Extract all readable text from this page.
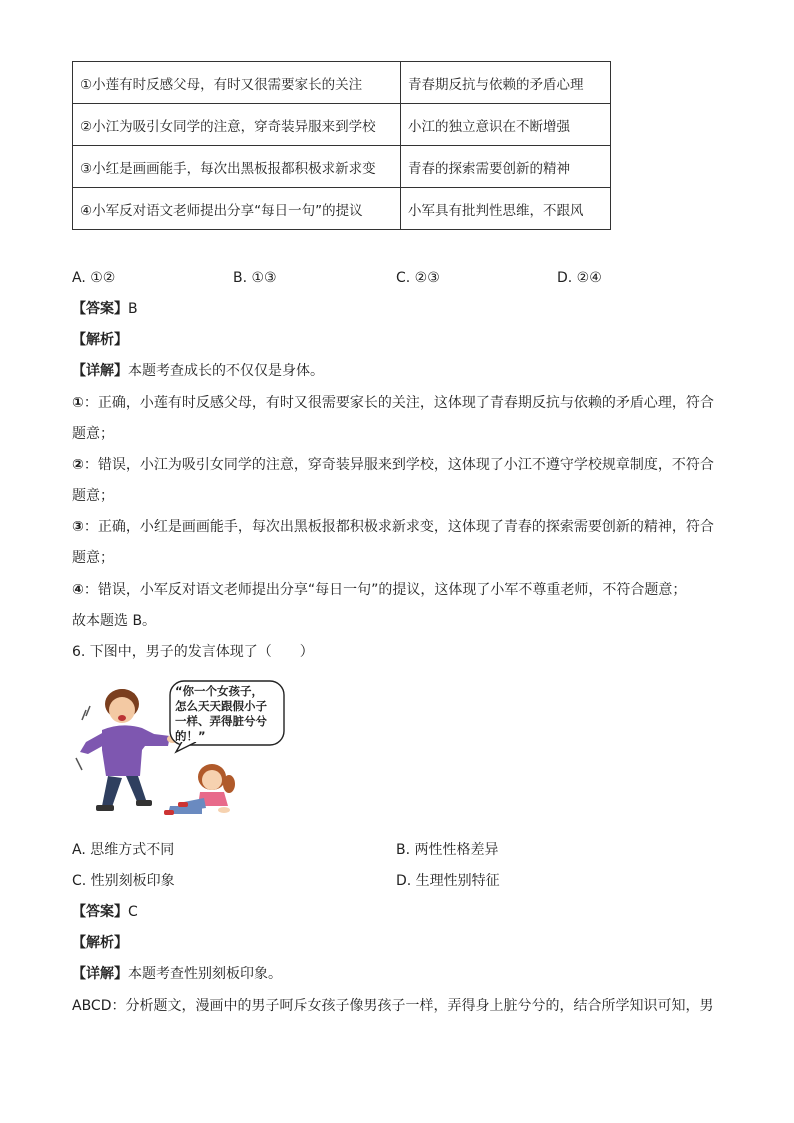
①小莲有时反感父母，有时又很需要家长的关注	青春期反抗与依赖的矛盾心理
②小江为吸引女同学的注意，穿奇装异服来到学校	小江的独立意识在不断增强
③小红是画画能手，每次出黑板报都积极求新求变	青春的探索需要创新的精神
④小军反对语文老师提出分享“每日一句”的提议	小军具有批判性思维，不跟风
A. ①②	B. ①③	C. ②③	D. ②④
【答案】B
【解析】
【详解】本题考查成长的不仅仅是身体。
①：正确，小莲有时反感父母，有时又很需要家长的关注，这体现了青春期反抗与依赖的矛盾心理，符合
题意；
②：错误，小江为吸引女同学的注意，穿奇装异服来到学校，这体现了小江不遵守学校规章制度，不符合
题意；
③：正确，小红是画画能手，每次出黑板报都积极求新求变，这体现了青春的探索需要创新的精神，符合
题意；
④：错误，小军反对语文老师提出分享“每日一句”的提议，这体现了小军不尊重老师，不符合题意；
故本题选 B。
6. 下图中，男子的发言体现了（　　）
“你一个女孩子，
怎么天天跟假小子
一样、弄得脏兮兮
的！”
A. 思维方式不同	B. 两性性格差异
C. 性别刻板印象	D. 生理性别特征
【答案】C
【解析】
【详解】本题考查性别刻板印象。
ABCD：分析题文，漫画中的男子呵斥女孩子像男孩子一样，弄得身上脏兮兮的，结合所学知识可知，男
